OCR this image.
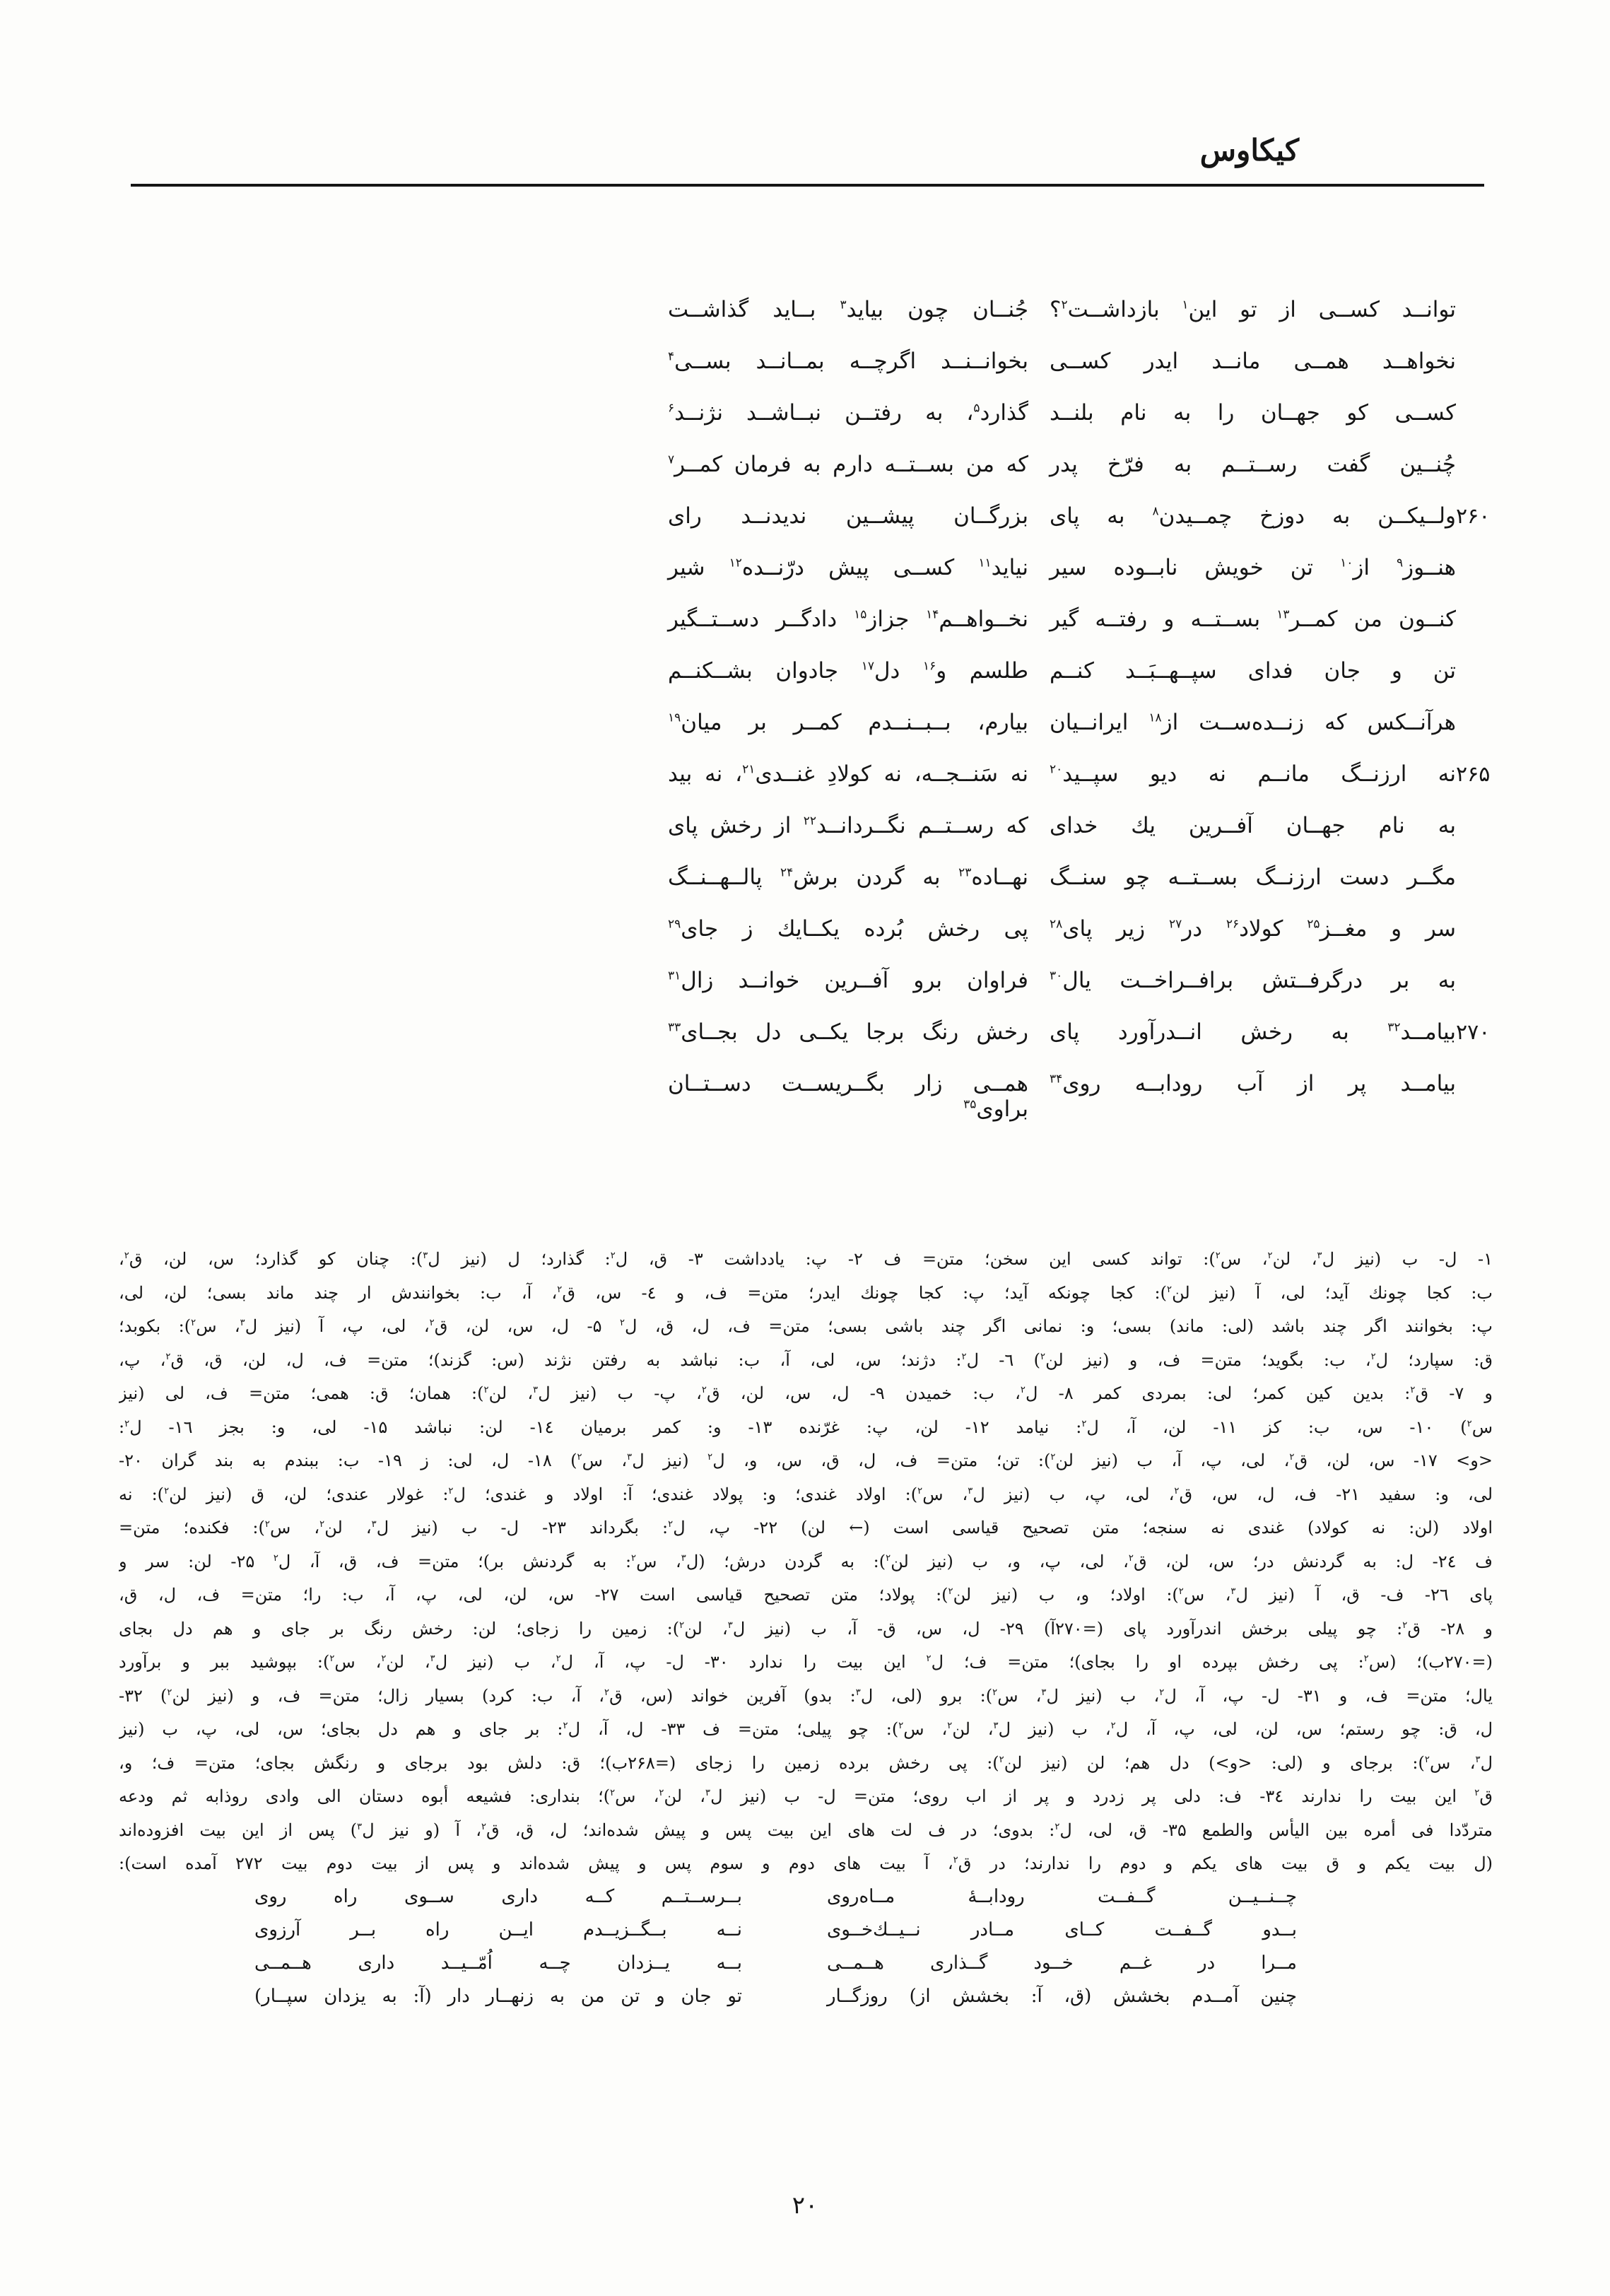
کیکاوس
توانــد کســی از تو این$^۱$ بازداشــت$^۲$؟
جُنــان چون بیاید$^۳$ بــاید گذاشــت
نخواهــد همــی مانــد ایدر کســی
بخوانــنــد اگرچــه بمــانــد بســی$^۴$
کســی کو جهــان را به نام بلنــد
گذارد$^۵$، به رفتــن نبــاشــد نژنــد$^۶$
چُنــین گفت رســتــم به فرّخ پدر
که من بســتــه دارم به فرمان کمــر$^۷$
۲۶۰
ولــیکــن به دوزخ چمــیدن$^۸$ به پای
بزرگــان پیشــین ندیدنــد رای
هنــوز$^۹$ از$^{۱۰}$ تن خویش نابــوده سیر
نیاید$^{۱۱}$ کســی پیش درّنــده$^{۱۲}$ شیر
کنــون من کمــر$^{۱۳}$ بســتــه و رفتــه گیر
نخــواهــم$^{۱۴}$ جزاز$^{۱۵}$ دادگــر دســتــگیر
تن و جان فدای سپــهــبَــد کنــم
طلسم و$^{۱۶}$ دل$^{۱۷}$ جادوان بشــکنــم
هرآنــکس که زنــده‌ســت از$^{۱۸}$ ایرانــیان
بیارم، بــبــنــدم کمــر بر میان$^{۱۹}$
۲۶۵
نه ارزنــگ مانــم نه دیو سپــید$^{۲۰}$
نه سَنــجــه، نه کولادِ غنــدی$^{۲۱}$، نه بید
به نام جهــان آفــرین یك خدای
که رســتــم نگــردانــد$^{۲۲}$ از رخش پای
مگــر دست ارزنــگ بســتــه چو سنــگ
نهــاده$^{۲۳}$ به گردن برش$^{۲۴}$ پالــهــنــگ
سر و مغــز$^{۲۵}$ کولاد$^{۲۶}$ در$^{۲۷}$ زیر پای$^{۲۸}$
پی رخش بُرده یکــایك ز جای$^{۲۹}$
به بر درگرفــتش برافــراخــت یال$^{۳۰}$
فراوان برو آفــرین خوانــد زال$^{۳۱}$
۲۷۰
بیامــد$^{۳۲}$ به رخش انــدرآورد پای
رخش رنگ برجا یکــی دل بجــای$^{۳۳}$
بیامــد پر از آب رودابــه روی$^{۳۴}$
همــی زار بگــریســت دســتــان براوی$^{۳۵}$
۱- ل- ب (نیز ل$^۳$، لن$^۲$، س$^۲$): تواند کسی این سخن؛ متن= ف ۲- پ: یادداشت ۳- ق، ل$^۲$: گذارد؛ ل (نیز ل$^۳$): چنان کو گذارد؛ س، لن، ق$^۲$،
ب: کجا چونك آید؛ لی، آ (نیز لن$^۲$): کجا چونکه آید؛ پ: کجا چونك ایدر؛ متن= ف، و ٤- س، ق$^۲$، آ، ب: بخوانندش ار چند ماند بسی؛ لن، لی،
پ: بخوانند اگر چند باشد (لی: ماند) بسی؛ و: نمانی اگر چند باشی بسی؛ متن= ف، ل، ق، ل$^۲$ ۵- ل، س، لن، ق$^۲$، لی، پ، آ (نیز ل$^۳$، س$^۲$): بکوبد؛
ق: سپارد؛ ل$^۲$، ب: بگوید؛ متن= ف، و (نیز لن$^۲$) ٦- ل$^۲$: دژند؛ س، لی، آ، ب: نباشد به رفتن نژند (س: گزند)؛ متن= ف، ل، لن، ق، ق$^۲$، پ،
و ۷- ق$^۲$: بدین کین کمر؛ لی: بمردی کمر ۸- ل$^۲$، ب: خمیدن ۹- ل، س، لن، ق$^۲$، پ- ب (نیز ل$^۳$، لن$^۲$): همان؛ ق: همی؛ متن= ف، لی (نیز
س$^۲$) ۱۰- س، ب: کز ۱۱- لن، آ، ل$^۲$: نیامد ۱۲- لن، پ: غرّنده ۱۳- و: کمر برمیان ۱٤- لن: نباشد ۱۵- لی، و: بجز ۱٦- ل$^۲$:
<و> ۱۷- س، لن، ق$^۲$، لی، پ، آ، ب (نیز لن$^۲$): تن؛ متن= ف، ل، ق، س، و، ل$^۲$ (نیز ل$^۳$، س$^۲$) ۱۸- ل، لی: ز ۱۹- ب: ببندم به بند گران ۲۰-
لی، و: سفید ۲۱- ف، ل، س، ق$^۲$، لی، پ، ب (نیز ل$^۳$، س$^۲$): اولاد غندی؛ و: پولاد غندی؛ آ: اولاد و غندی؛ ل$^۲$: غولار عندی؛ لن، ق (نیز لن$^۲$): نه
اولاد (لن: نه کولاد) غندی نه سنجه؛ متن تصحیح قیاسی است (← لن) ۲۲- پ، ل$^۲$: بگرداند ۲۳- ل- ب (نیز ل$^۳$، لن$^۲$، س$^۲$): فکنده؛ متن=
ف ۲٤- ل: به گردنش در؛ س، لن، ق$^۲$، لی، پ، و، ب (نیز لن$^۲$): به گردن درش؛ (ل$^۳$، س$^۲$: به گردنش بر)؛ متن= ف، ق، آ، ل$^۲$ ۲۵- لن: سر و
پای ۲٦- ف- ق، آ (نیز ل$^۳$، س$^۲$): اولاد؛ و، ب (نیز لن$^۲$): پولاد؛ متن تصحیح قیاسی است ۲۷- س، لن، لی، پ، آ، ب: را؛ متن= ف، ل، ق،
و ۲۸- ق$^۲$: چو پیلی برخش اندرآورد پای (=۲۷۰آ) ۲۹- ل، س، ق- آ، ب (نیز ل$^۳$، لن$^۲$): زمین را زجای؛ لن: رخش رنگ بر جای و هم دل بجای
(=۲۷۰ب)؛ (س$^۲$: پی رخش بپرده او را بجای)؛ متن= ف؛ ل$^۲$ این بیت را ندارد ۳۰- ل- پ، آ، ل$^۲$، ب (نیز ل$^۳$، لن$^۲$، س$^۲$): بپوشید ببر و برآورد
یال؛ متن= ف، و ۳۱- ل- پ، آ، ل$^۲$، ب (نیز ل$^۳$، س$^۲$): برو (لی، ل$^۳$: بدو) آفرین خواند (س، ق$^۲$، آ، ب: کرد) بسیار زال؛ متن= ف، و (نیز لن$^۲$) ۳۲-
ل، ق: چو رستم؛ س، لن، لی، پ، آ، ل$^۲$، ب (نیز ل$^۳$، لن$^۲$، س$^۲$): چو پیلی؛ متن= ف ۳۳- ل، آ، ل$^۲$: بر جای و هم دل بجای؛ س، لی، پ، ب (نیز
ل$^۳$، س$^۲$): برجای و (لی: <و>) دل هم؛ لن (نیز لن$^۲$): پی رخش برده زمین را زجای (=۲۶۸ب)؛ ق: دلش بود برجای و رنگش بجای؛ متن= ف؛ و،
ق$^۲$ این بیت را ندارند ۳٤- ف: دلی پر زدرد و پر از اب روی؛ متن= ل- ب (نیز ل$^۳$، لن$^۲$، س$^۲$)؛ بنداری: فشیعه أبوه دستان الی وادی روذابه ثم ودعه
متردّدا فی أمره بین الیأس والطمع ۳۵- ق، لی، ل$^۲$: بدوی؛ در ف لت های این بیت پس و پیش شده‌اند؛ ل، ق، ق$^۲$، آ (و نیز ل$^۳$) پس از این بیت افزوده‌اند
(ل بیت یکم و ق بیت های یکم و دوم را ندارند؛ در ق$^۲$، آ بیت های دوم و سوم پس و پیش شده‌اند و پس از بیت دوم بیت ۲۷۲ آمده است):
چــنــیــن گــفــت رودابــۀ مــاه‌روی
بــرســتــم کــه داری ســوی راه روی
بــدو گــفــت کــای مــادر نــیــك‌خــوی
نــه بــگــزیــدم ایــن راه بــر آرزوی
مــرا در غــم خــود گــذاری هــمــی
بــه یــزدان چــه اُمّــیــد داری هــمــی
چنین آمــدم بخشش (ق، آ: بخشش از) روزگــار
تو جان و تن من به زنهــار دار (آ: به یزدان سپــار)
۲۰
